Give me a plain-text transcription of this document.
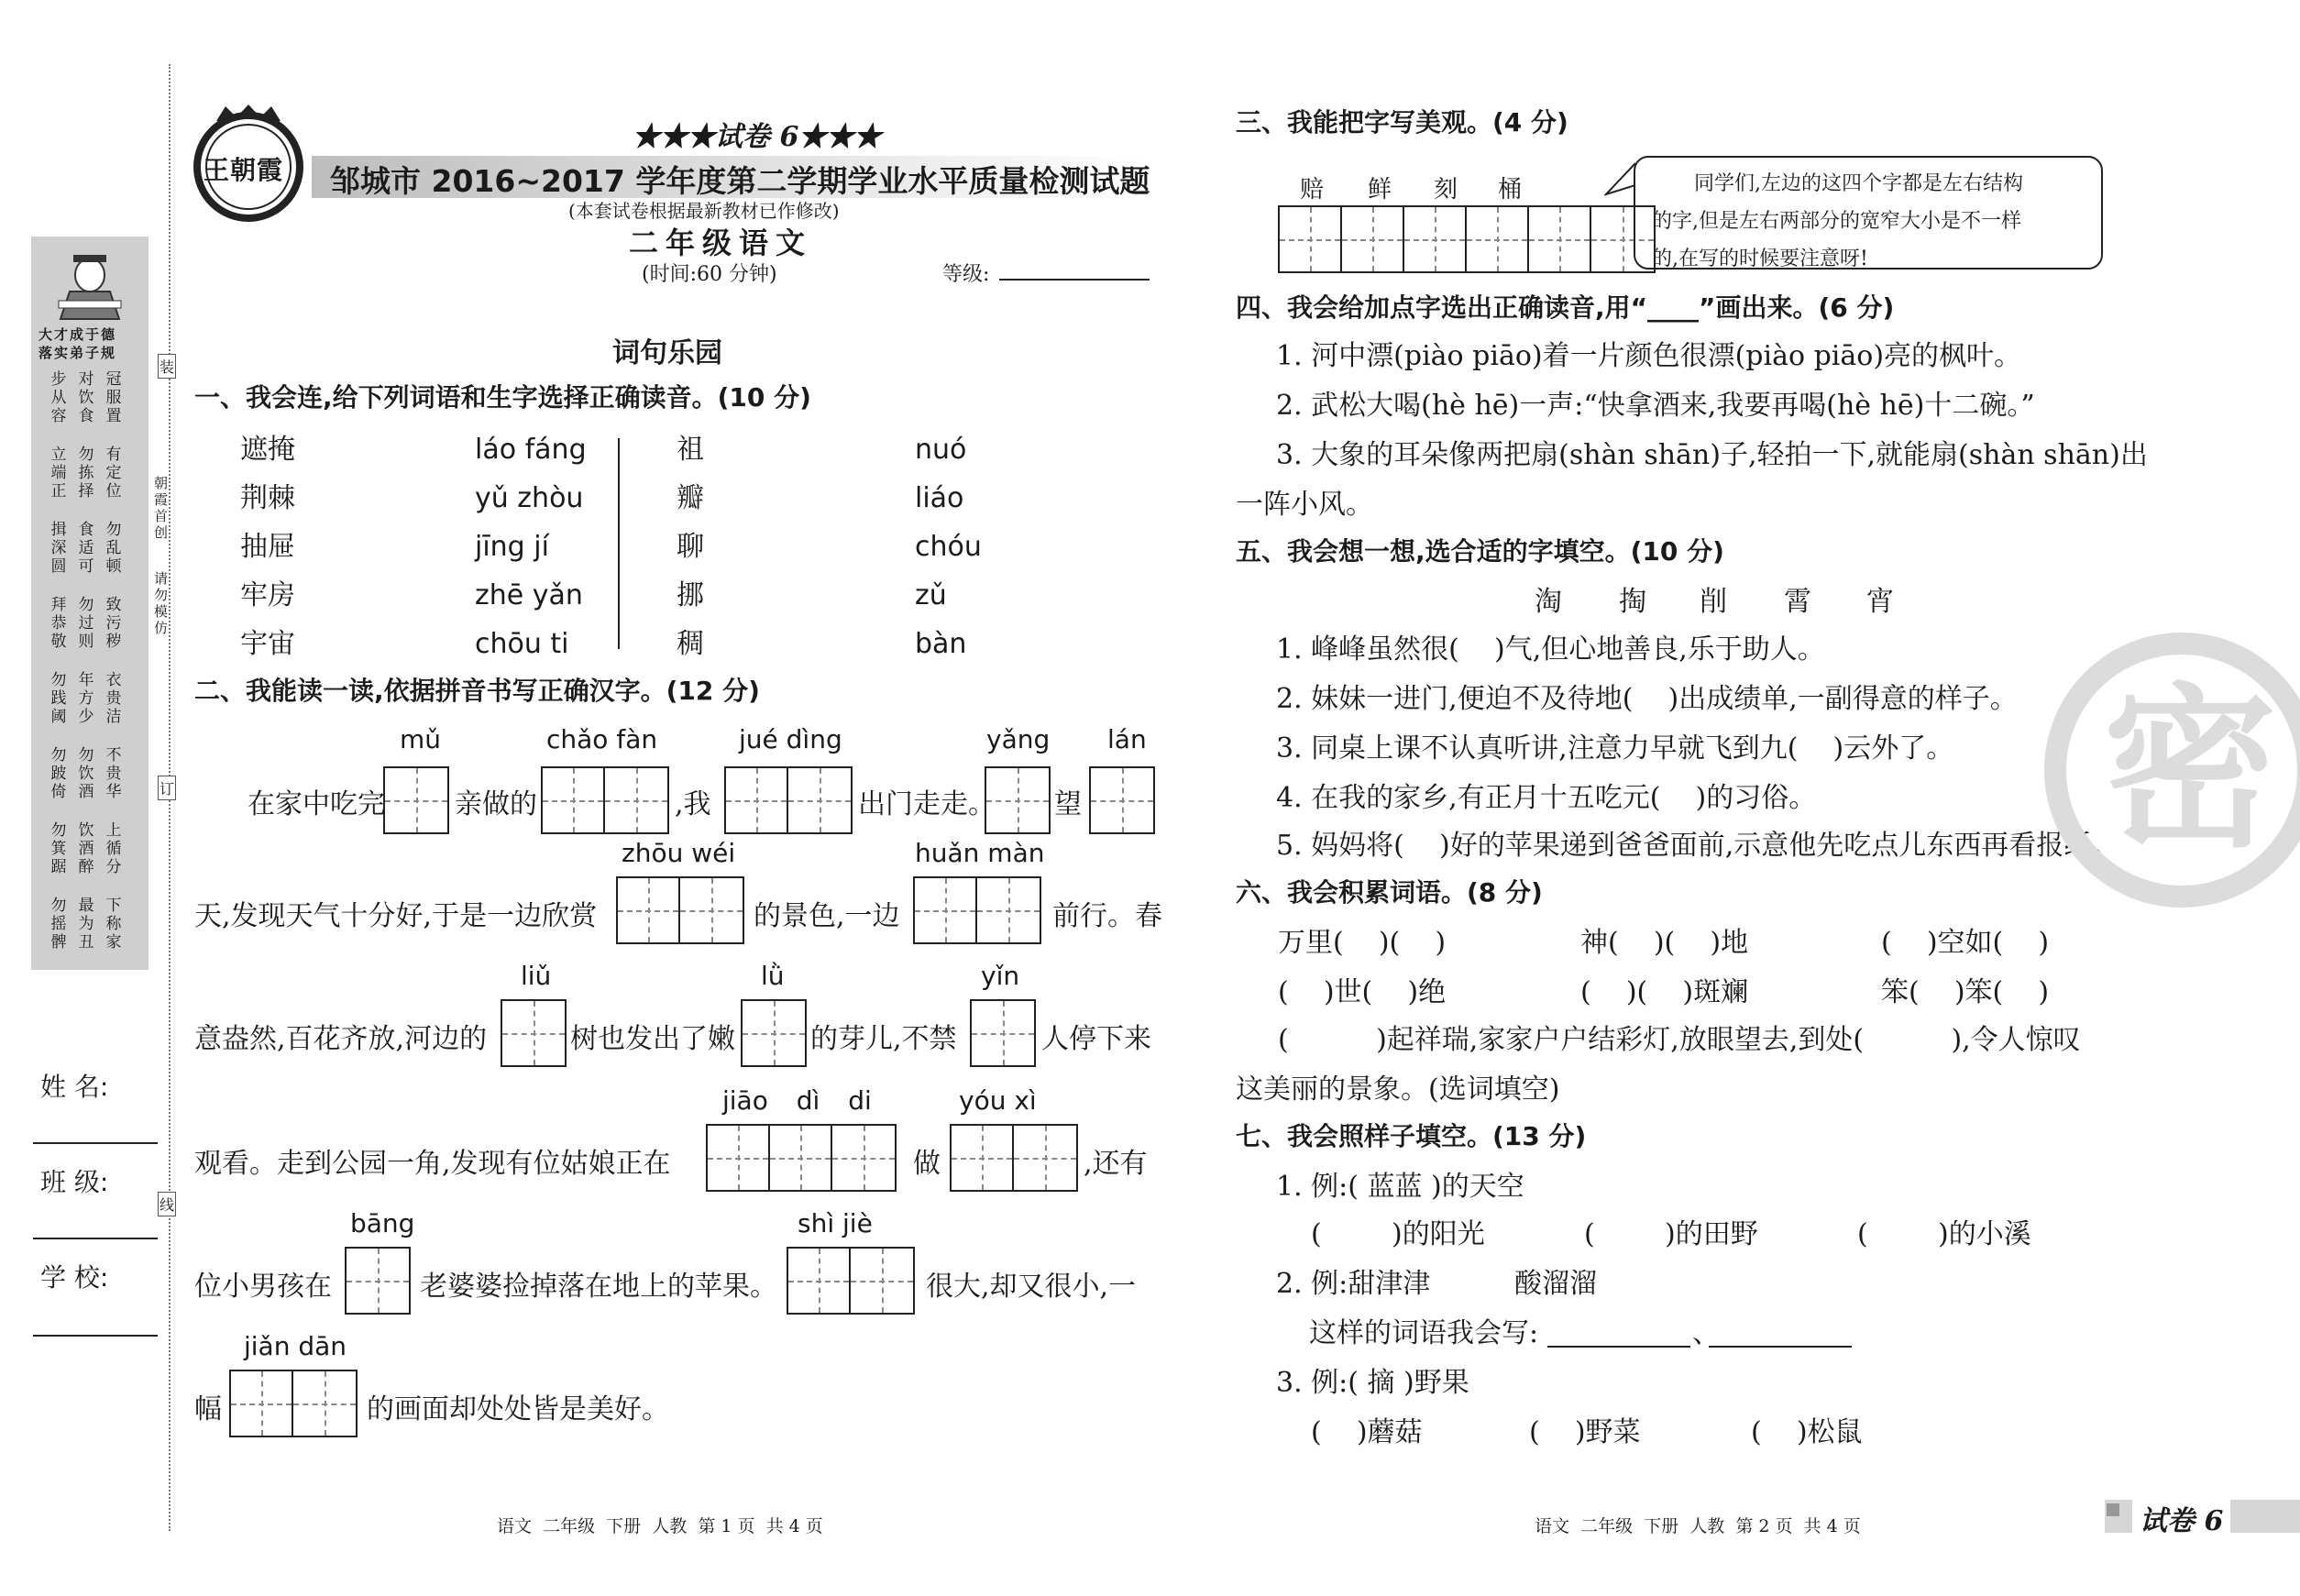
大才成于德
落实弟子规
步从容
对饮食
冠服置
立端正
勿拣择
有定位
揖深圆
食适可
勿乱顿
拜恭敬
勿过则
致污秽
勿践阈
年方少
衣贵洁
勿跛倚
勿饮酒
不贵华
勿箕踞
饮酒醉
上循分
勿摇髀
最为丑
下称家
朝霞首创
请勿模仿
装
订
线
姓 名:
班 级:
学 校:
王朝霞
★★★试卷 6★★★
邹城市 2016~2017 学年度第二学期学业水平质量检测试题
(本套试卷根据最新教材已作修改)
二年级语文
(时间:60 分钟)	等级:
词句乐园
一、我会连,给下列词语和生字选择正确读音。(10 分)
二、我能读一读,依据拼音书写正确汉字。(12 分)
mǔ	chǎo fàn	jué dìng	yǎng lán
zhōu wéi	huǎn màn
liǔ	lǜ	yǐn
jiāo dì di	yóu xì
bāng	shì jiè
jiǎn dān
在家中吃完	亲做的	,我	出门走走。 望
天,发现天气十分好,于是一边欣赏	的景色,一边	前行。春
意盎然,百花齐放,河边的	树也发出了嫩	的芽儿,不禁	人停下来
观看。走到公园一角,发现有位姑娘正在	做	,还有
位小男孩在	老婆婆捡掉落在地上的苹果。	很大,却又很小,一
幅	的画面却处处皆是美好。
语文  二年级  下册  人教  第 1 页  共 4 页
三、我能把字写美观。(4 分)
赔 鲜 刻 桶	同学们,左边的这四个字都是左右结构
的字,但是左右两部分的宽窄大小是不一样
的,在写的时候要注意呀!
四、我会给加点字选出正确读音,用“____”画出来。(6 分)
1. 河中漂(piào piāo)着一片颜色很漂(piào piāo)亮的枫叶。
2. 武松大喝(hè hē)一声:“快拿酒来,我要再喝(hè hē)十二碗。”
3. 大象的耳朵像两把扇(shàn shān)子,轻拍一下,就能扇(shàn shān)出
一阵小风。
五、我会想一想,选合适的字填空。(10 分)
淘 掏 削 霄 宵
1. 峰峰虽然很(    )气,但心地善良,乐于助人。
2. 妹妹一进门,便迫不及待地(    )出成绩单,一副得意的样子。
3. 同桌上课不认真听讲,注意力早就飞到九(    )云外了。
4. 在我的家乡,有正月十五吃元(    )的习俗。
5. 妈妈将(    )好的苹果递到爸爸面前,示意他先吃点儿东西再看报纸。
六、我会积累词语。(8 分)
万里(    )(    )	神(    )(    )地	(    )空如(    )
(    )世(    )绝	(    )(    )斑斓	笨(    )笨(    )
(          )起祥瑞,家家户户结彩灯,放眼望去,到处(          ),令人惊叹
这美丽的景象。(选词填空)
七、我会照样子填空。(13 分)
1. 例:( 蓝蓝 )的天空
(        )的阳光	(        )的田野	(        )的小溪
2. 例:甜津津	酸溜溜
这样的词语我会写:	、
3. 例:( 摘 )野果
(    )蘑菇	(    )野菜	(    )松鼠
语文  二年级  下册  人教  第 2 页  共 4 页	试卷 6
密
遮掩	láo fáng	祖	nuó
荆棘	yǔ zhòu	瓣	liáo
抽屉	jīng jí	聊	chóu
牢房	zhē yǎn	挪	zǔ
宇宙	chōu ti	稠	bàn
